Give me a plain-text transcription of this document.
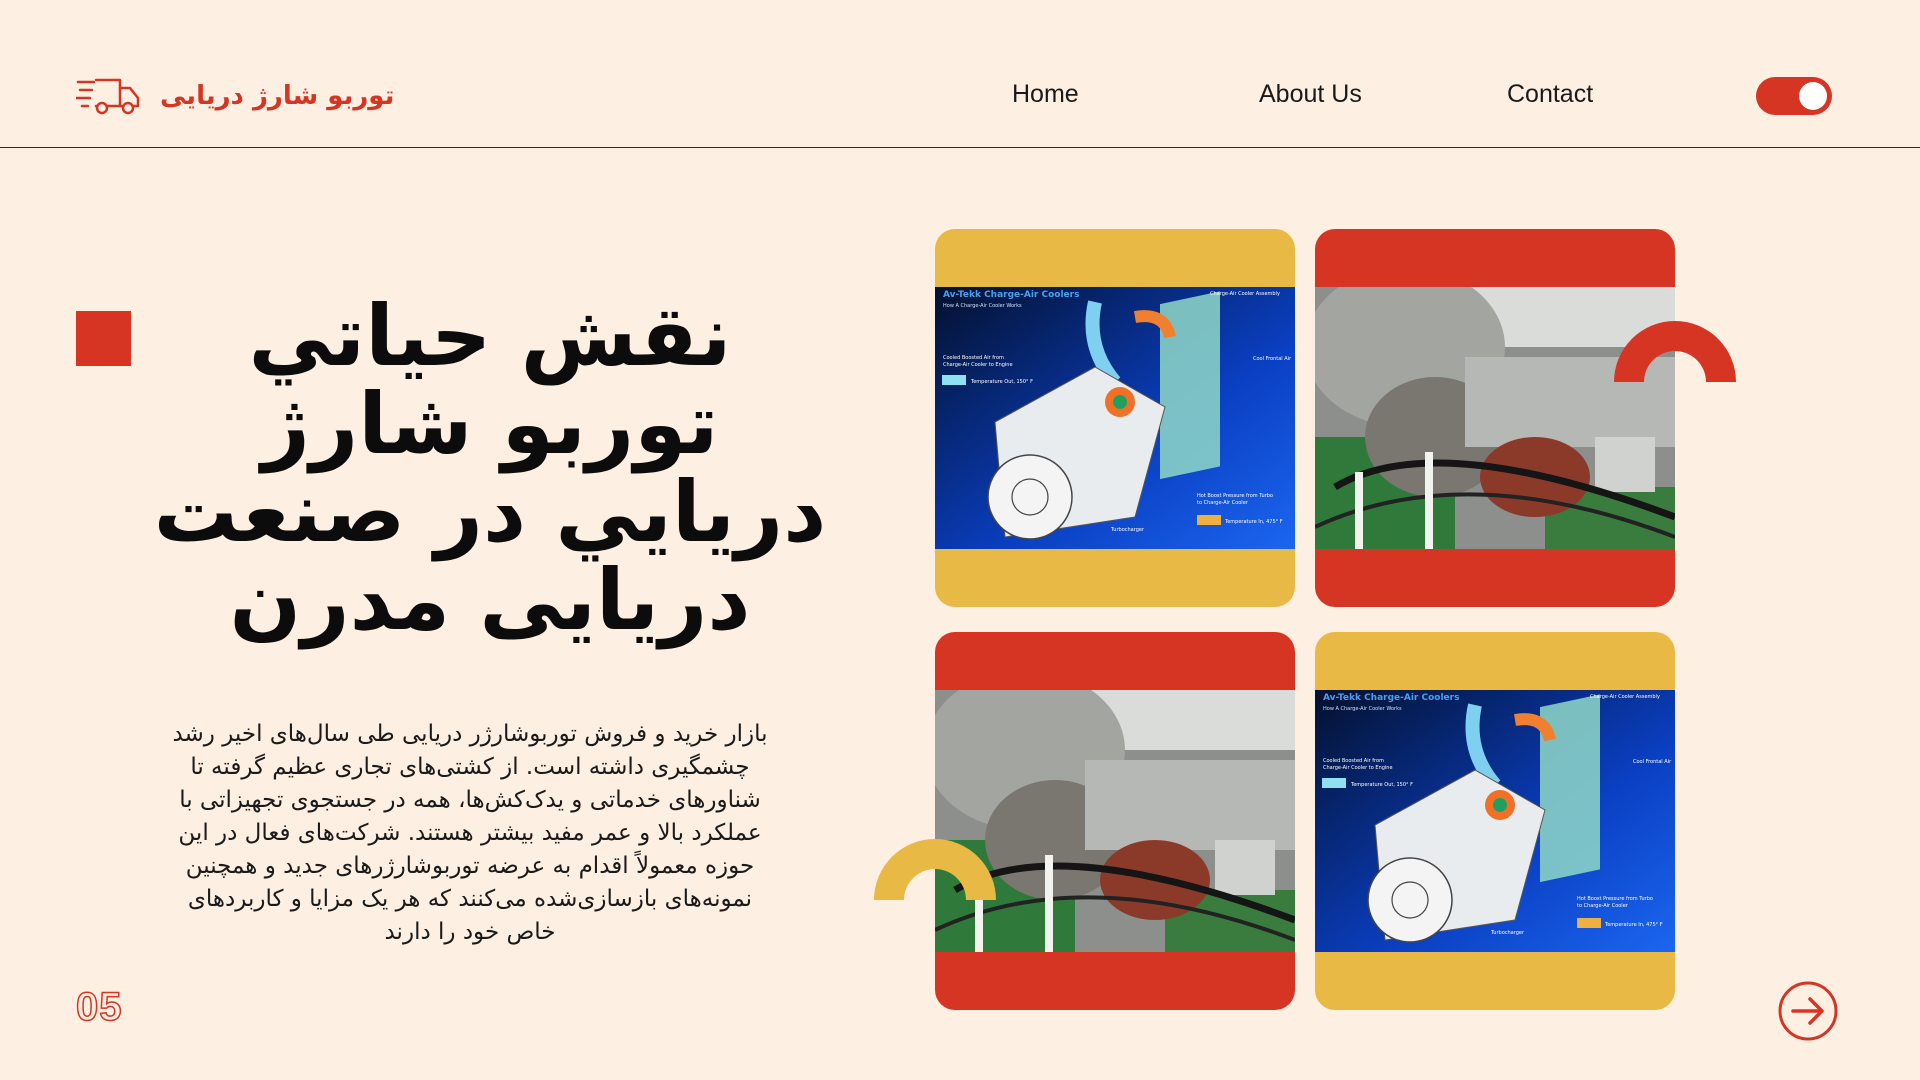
توربو شارژ دریایی	Home	About Us	Contact
نقش حياتي
توربو شارژ
دريايي در صنعت
دريايی مدرن
بازار خرید و فروش توربوشارژر دریایی طی سال‌های اخیر رشد
چشمگیری داشته است. از کشتی‌های تجاری عظیم گرفته تا
شناورهای خدماتی و یدک‌کش‌ها، همه در جستجوی تجهیزاتی با
عملکرد بالا و عمر مفید بیشتر هستند. شرکت‌های فعال در این
حوزه معمولاً اقدام به عرضه توربوشارژرهای جدید و همچنین
نمونه‌های بازسازی‌شده می‌کنند که هر یک مزایا و کاربردهای
خاص خود را دارند
05
Av-Tekk Charge-Air Coolers
How A Charge-Air Cooler Works
Charge-Air Cooler Assembly
Cooled Boosted Air from
Charge-Air Cooler to Engine
Temperature Out, 150° F
Cool Frontal Air
Hot Boost Pressure from Turbo
to Charge-Air Cooler
Temperature In, 475° F
Turbocharger
Av-Tekk Charge-Air Coolers
How A Charge-Air Cooler Works
Charge-Air Cooler Assembly
Cooled Boosted Air from
Charge-Air Cooler to Engine
Temperature Out, 150° F
Cool Frontal Air
Hot Boost Pressure from Turbo
to Charge-Air Cooler
Temperature In, 475° F
Turbocharger
